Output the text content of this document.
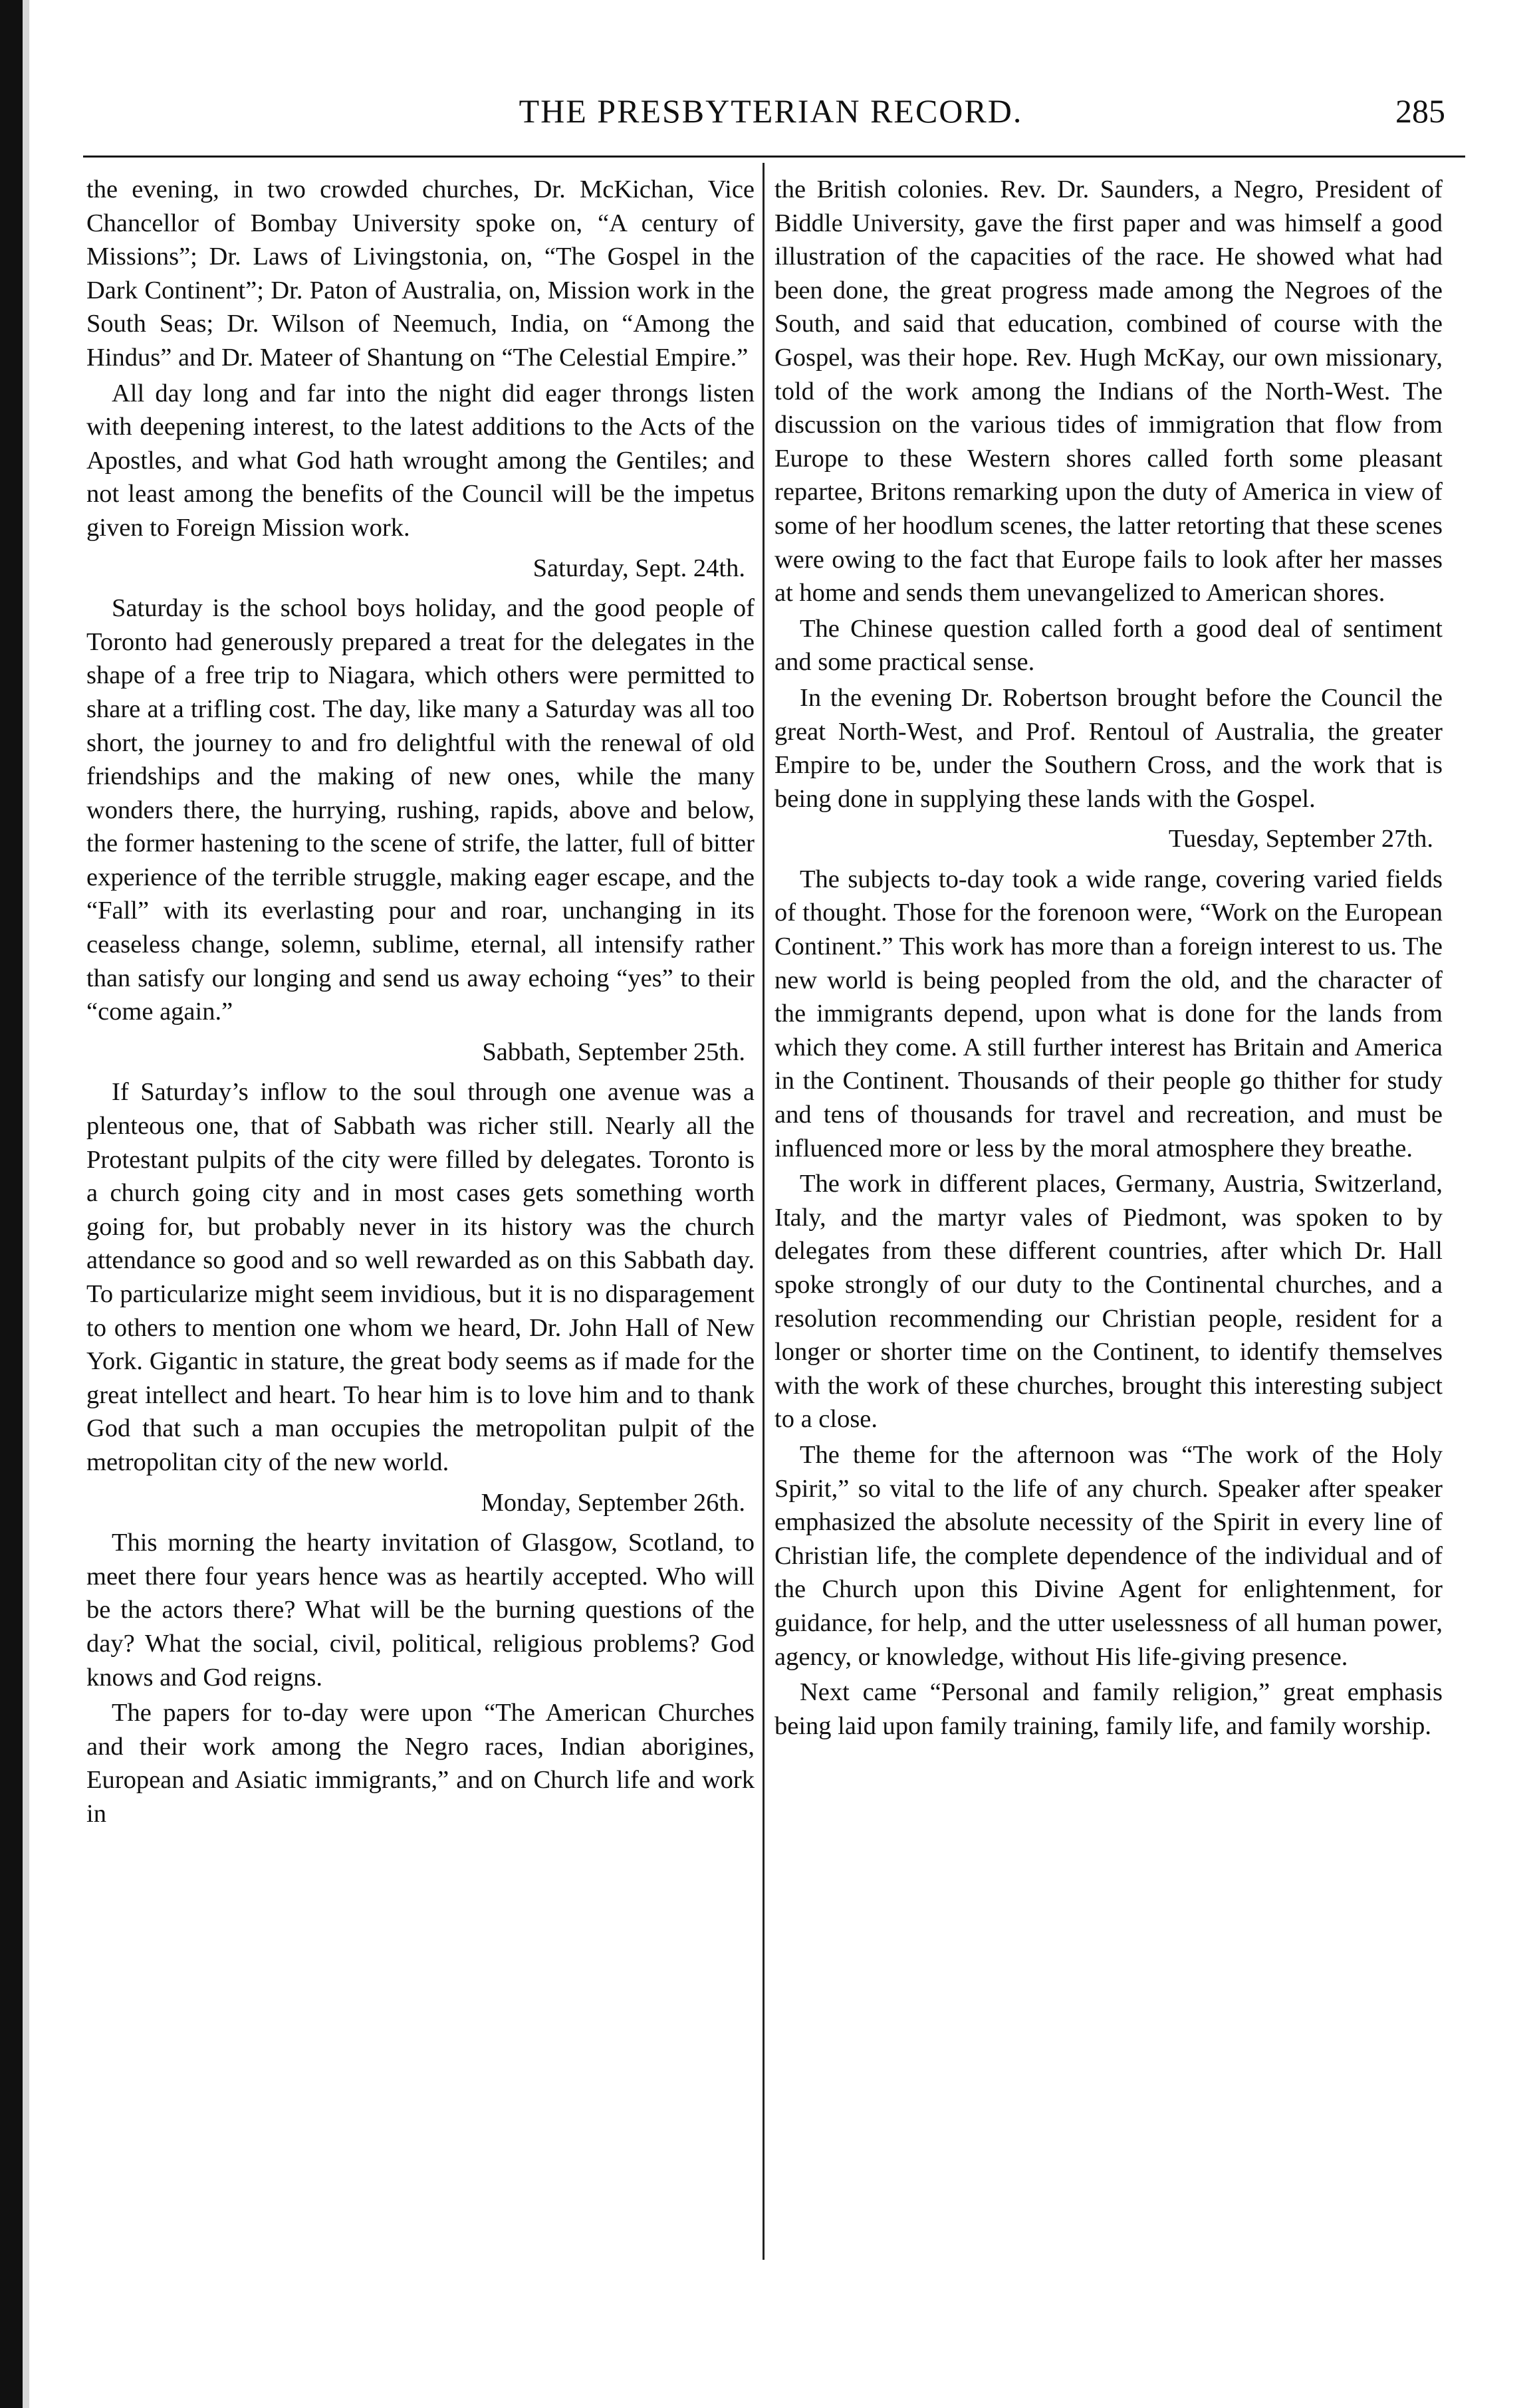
THE PRESBYTERIAN RECORD.	285

the evening, in two crowded churches, Dr. McKichan, Vice Chancellor of Bombay University spoke on, “A century of Missions”; Dr. Laws of Livingstonia, on, “The Gospel in the Dark Continent”; Dr. Paton of Australia, on, Mission work in the South Seas; Dr. Wilson of Neemuch, India, on “Among the Hindus” and Dr. Mateer of Shantung on “The Celestial Empire.”

All day long and far into the night did eager throngs listen with deepening interest, to the latest additions to the Acts of the Apostles, and what God hath wrought among the Gentiles; and not least among the benefits of the Council will be the impetus given to Foreign Mission work.

Saturday, Sept. 24th.

Saturday is the school boys holiday, and the good people of Toronto had generously prepared a treat for the delegates in the shape of a free trip to Niagara, which others were permitted to share at a trifling cost. The day, like many a Saturday was all too short, the journey to and fro delightful with the renewal of old friendships and the making of new ones, while the many wonders there, the hurrying, rushing, rapids, above and below, the former hastening to the scene of strife, the latter, full of bitter experience of the terrible struggle, making eager escape, and the “Fall” with its everlasting pour and roar, unchanging in its ceaseless change, solemn, sublime, eternal, all intensify rather than satisfy our longing and send us away echoing “yes” to their “come again.”

Sabbath, September 25th.

If Saturday’s inflow to the soul through one avenue was a plenteous one, that of Sabbath was richer still. Nearly all the Protestant pulpits of the city were filled by delegates. Toronto is a church going city and in most cases gets something worth going for, but probably never in its history was the church attendance so good and so well rewarded as on this Sabbath day. To particularize might seem invidious, but it is no disparagement to others to mention one whom we heard, Dr. John Hall of New York. Gigantic in stature, the great body seems as if made for the great intellect and heart. To hear him is to love him and to thank God that such a man occupies the metropolitan pulpit of the metropolitan city of the new world.

Monday, September 26th.

This morning the hearty invitation of Glasgow, Scotland, to meet there four years hence was as heartily accepted. Who will be the actors there? What will be the burning questions of the day? What the social, civil, political, religious problems? God knows and God reigns.

The papers for to-day were upon “The American Churches and their work among the Negro races, Indian aborigines, European and Asiatic immigrants,” and on Church life and work in

the British colonies. Rev. Dr. Saunders, a Negro, President of Biddle University, gave the first paper and was himself a good illustration of the capacities of the race. He showed what had been done, the great progress made among the Negroes of the South, and said that education, combined of course with the Gospel, was their hope. Rev. Hugh McKay, our own missionary, told of the work among the Indians of the North-West. The discussion on the various tides of immigration that flow from Europe to these Western shores called forth some pleasant repartee, Britons remarking upon the duty of America in view of some of her hoodlum scenes, the latter retorting that these scenes were owing to the fact that Europe fails to look after her masses at home and sends them unevangelized to American shores.

The Chinese question called forth a good deal of sentiment and some practical sense.

In the evening Dr. Robertson brought before the Council the great North-West, and Prof. Rentoul of Australia, the greater Empire to be, under the Southern Cross, and the work that is being done in supplying these lands with the Gospel.

Tuesday, September 27th.

The subjects to-day took a wide range, covering varied fields of thought. Those for the forenoon were, “Work on the European Continent.” This work has more than a foreign interest to us. The new world is being peopled from the old, and the character of the immigrants depend, upon what is done for the lands from which they come. A still further interest has Britain and America in the Continent. Thousands of their people go thither for study and tens of thousands for travel and recreation, and must be influenced more or less by the moral atmosphere they breathe.

The work in different places, Germany, Austria, Switzerland, Italy, and the martyr vales of Piedmont, was spoken to by delegates from these different countries, after which Dr. Hall spoke strongly of our duty to the Continental churches, and a resolution recommending our Christian people, resident for a longer or shorter time on the Continent, to identify themselves with the work of these churches, brought this interesting subject to a close.

The theme for the afternoon was “The work of the Holy Spirit,” so vital to the life of any church. Speaker after speaker emphasized the absolute necessity of the Spirit in every line of Christian life, the complete dependence of the individual and of the Church upon this Divine Agent for enlightenment, for guidance, for help, and the utter uselessness of all human power, agency, or knowledge, without His life-giving presence.

Next came “Personal and family religion,” great emphasis being laid upon family training, family life, and family worship.
